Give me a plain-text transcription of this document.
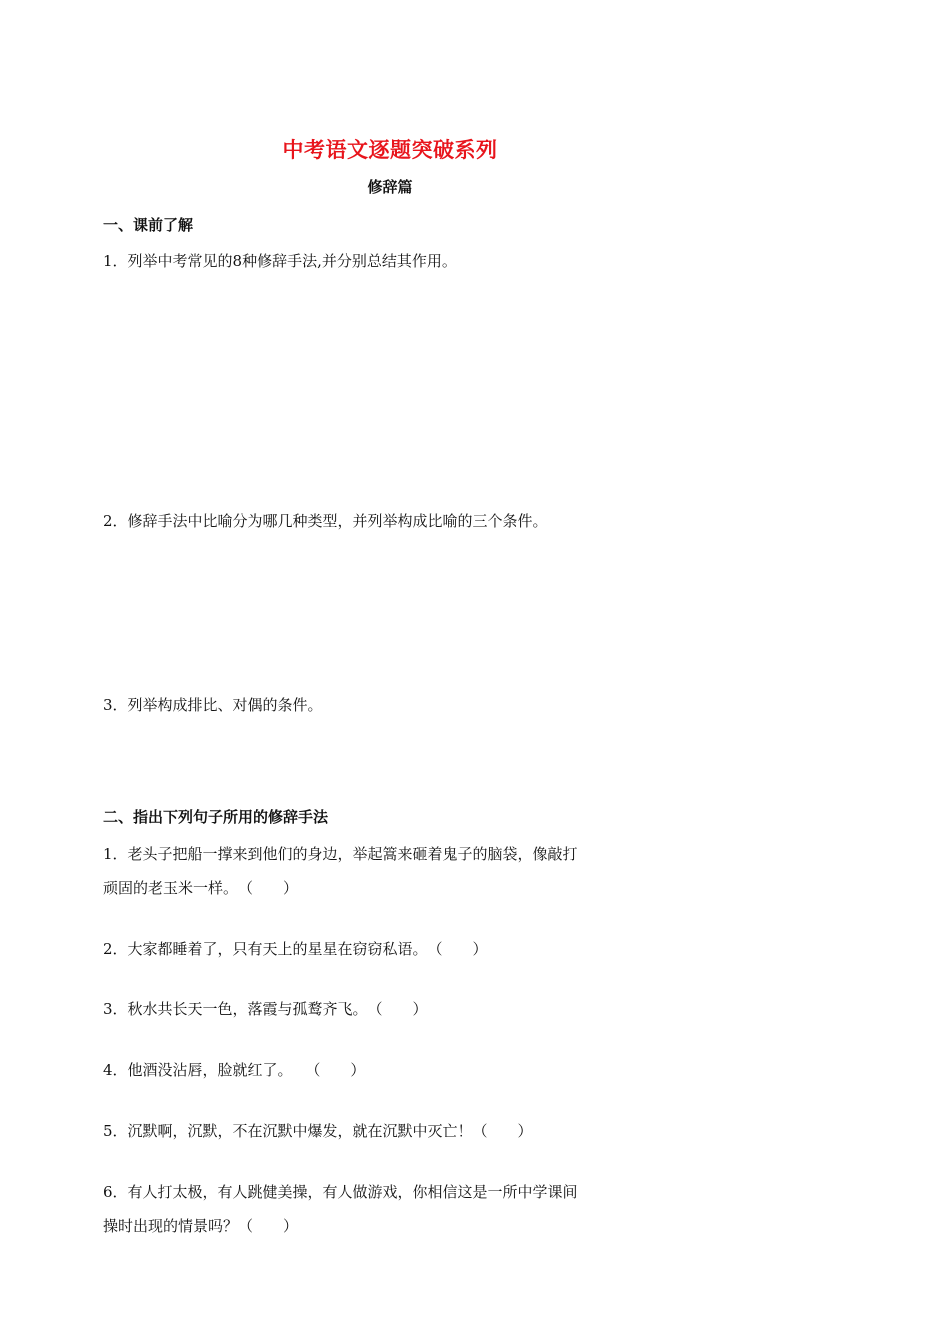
中考语文逐题突破系列
修辞篇
一、课前了解
1．列举中考常见的8种修辞手法,并分别总结其作用。
2．修辞手法中比喻分为哪几种类型，并列举构成比喻的三个条件。
3．列举构成排比、对偶的条件。
二、指出下列句子所用的修辞手法
1．老头子把船一撑来到他们的身边，举起篙来砸着鬼子的脑袋，像敲打
顽固的老玉米一样。（　　）
2．大家都睡着了，只有天上的星星在窃窃私语。（　　）
3．秋水共长天一色，落霞与孤鹜齐飞。（　　）
4．他酒没沾唇，脸就红了。 （　　）
5．沉默啊，沉默，不在沉默中爆发，就在沉默中灭亡！（　　）
6．有人打太极，有人跳健美操，有人做游戏，你相信这是一所中学课间
操时出现的情景吗？（　　）
